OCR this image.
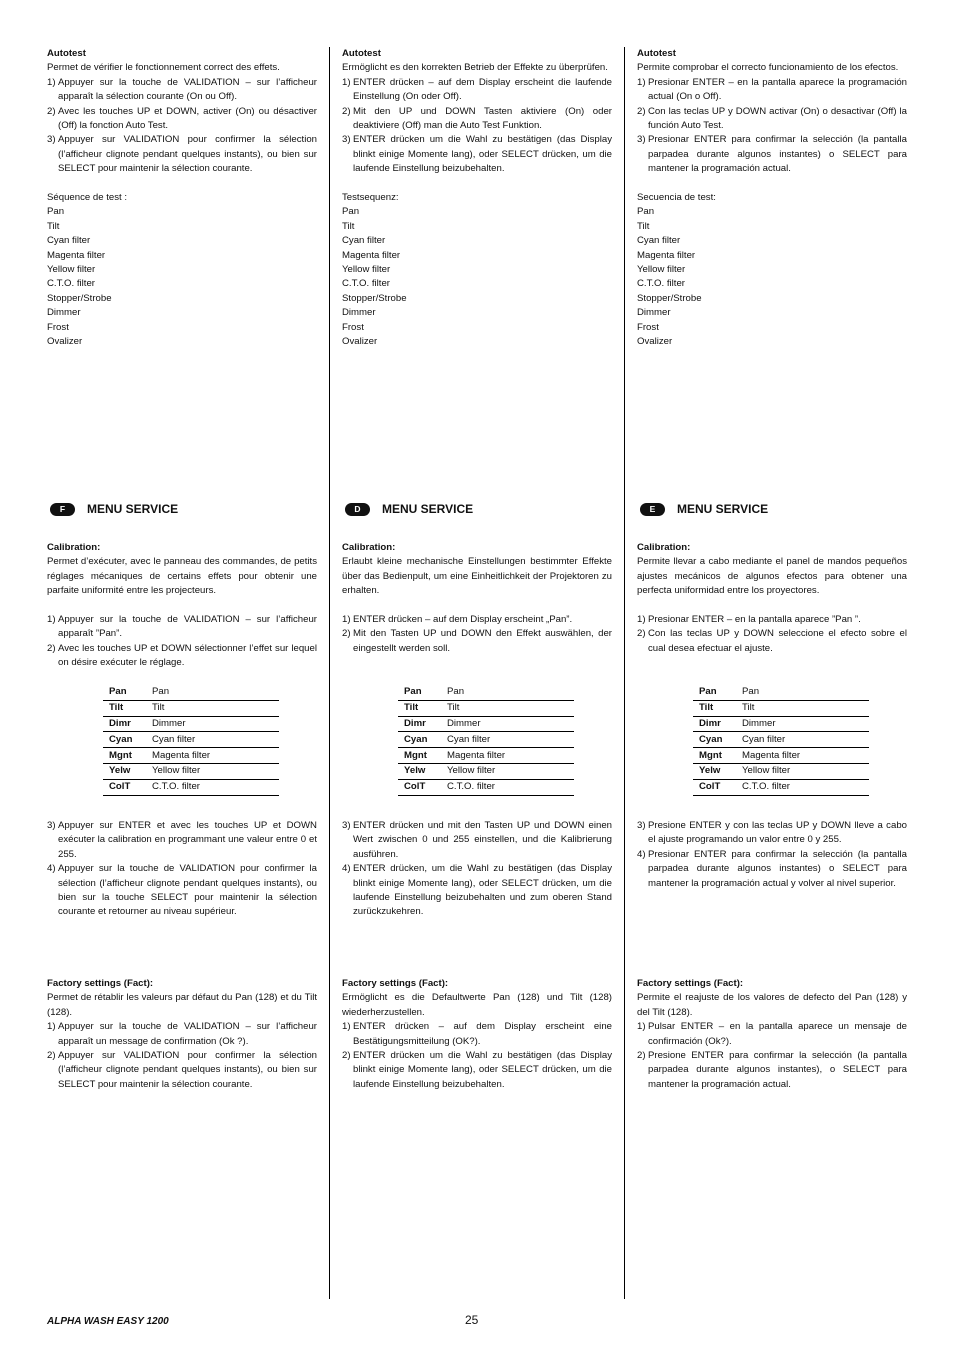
Autotest

Permet de vérifier le fonctionnement correct des effets.

1) Appuyer sur la touche de VALIDATION – sur l’afficheur apparaît la sélection courante (On ou Off).
2) Avec les touches UP et DOWN, activer (On) ou désactiver (Off) la fonction Auto Test.
3) Appuyer sur VALIDATION pour confirmer la sélection (l’afficheur clignote pendant quelques instants), ou bien sur SELECT pour maintenir la sélection courante.
Séquence de test :
Pan
Tilt
Cyan filter
Magenta filter
Yellow filter
C.T.O. filter
Stopper/Strobe
Dimmer
Frost
Ovalizer
F	MENU SERVICE
Calibration:

Permet d’exécuter, avec le panneau des commandes, de petits réglages mécaniques de certains effets pour obtenir une parfaite uniformité entre les projecteurs.

1) Appuyer sur la touche de VALIDATION – sur l’afficheur apparaît ”Pan”.
2) Avec les touches UP et DOWN sélectionner l’effet sur lequel on désire exécuter le réglage.
Pan	Pan
Tilt	Tilt
Dimr	Dimmer
Cyan	Cyan filter
Mgnt	Magenta filter
Yelw	Yellow filter
ColT	C.T.O. filter
3) Appuyer sur ENTER et avec les touches UP et DOWN exécuter la calibration en programmant une valeur entre 0 et 255.
4) Appuyer sur la touche de VALIDATION pour confirmer la sélection (l’afficheur clignote pendant quelques instants), ou bien sur la touche SELECT pour maintenir la sélection courante et retourner au niveau supérieur.
Factory settings (Fact):

Permet de rétablir les valeurs par défaut du Pan (128) et du Tilt (128).

1) Appuyer sur la touche de VALIDATION – sur l’afficheur apparaît un message de confirmation (Ok ?).
2) Appuyer sur VALIDATION pour confirmer la sélection (l’afficheur clignote pendant quelques instants), ou bien sur SELECT pour maintenir la sélection courante.
Autotest

Ermöglicht es den korrekten Betrieb der Effekte zu überprüfen.

1) ENTER drücken – auf dem Display erscheint die laufende Einstellung (On oder Off).
2) Mit den UP und DOWN Tasten aktiviere (On) oder deaktiviere (Off) man die Auto Test Funktion.
3) ENTER drücken um die Wahl zu bestätigen (das Display blinkt einige Momente lang), oder SELECT drücken, um die laufende Einstellung beizubehalten.
Testsequenz:
Pan
Tilt
Cyan filter
Magenta filter
Yellow filter
C.T.O. filter
Stopper/Strobe
Dimmer
Frost
Ovalizer
D	MENU SERVICE
Calibration:

Erlaubt kleine mechanische Einstellungen bestimmter Effekte über das Bedienpult, um eine Einheitlichkeit der Projektoren zu erhalten.

1) ENTER drücken – auf dem Display erscheint „Pan”.
2) Mit den Tasten UP und DOWN den Effekt auswählen, der eingestellt werden soll.
Pan	Pan
Tilt	Tilt
Dimr	Dimmer
Cyan	Cyan filter
Mgnt	Magenta filter
Yelw	Yellow filter
ColT	C.T.O. filter
3) ENTER drücken und mit den Tasten UP und DOWN einen Wert zwischen 0 und 255 einstellen, und die Kalibrierung ausführen.
4) ENTER drücken, um die Wahl zu bestätigen (das Display blinkt einige Momente lang), oder SELECT drücken, um die laufende Einstellung beizubehalten und zum oberen Stand zurückzukehren.
Factory settings (Fact):

Ermöglicht es die Defaultwerte Pan (128) und Tilt (128) wiederherzustellen.

1) ENTER drücken – auf dem Display erscheint eine Bestätigungsmitteilung (OK?).
2) ENTER drücken um die Wahl zu bestätigen (das Display blinkt einige Momente lang), oder SELECT drücken, um die laufende Einstellung beizubehalten.
Autotest

Permite comprobar el correcto funcionamiento de los efectos.

1) Presionar ENTER – en la pantalla aparece la programación actual (On o Off).
2) Con las teclas UP y DOWN activar (On) o desactivar (Off) la función Auto Test.
3) Presionar ENTER para confirmar la selección (la pantalla parpadea durante algunos instantes) o SELECT para mantener la programación actual.
Secuencia de test:
Pan
Tilt
Cyan filter
Magenta filter
Yellow filter
C.T.O. filter
Stopper/Strobe
Dimmer
Frost
Ovalizer
E	MENU SERVICE
Calibration:

Permite llevar a cabo mediante el panel de mandos pequeños ajustes mecánicos de algunos efectos para obtener una perfecta uniformidad entre los proyectores.

1) Presionar ENTER – en la pantalla aparece ”Pan ”.
2) Con las teclas UP y DOWN seleccione el efecto sobre el cual desea efectuar el ajuste.
Pan	Pan
Tilt	Tilt
Dimr	Dimmer
Cyan	Cyan filter
Mgnt	Magenta filter
Yelw	Yellow filter
ColT	C.T.O. filter
3) Presione ENTER y con las teclas UP y DOWN lleve a cabo el ajuste programando un valor entre 0 y 255.
4) Presionar ENTER para confirmar la selección (la pantalla parpadea durante algunos instantes) o SELECT para mantener la programación actual y volver al nivel superior.
Factory settings (Fact):

Permite el reajuste de los valores de defecto del Pan (128) y del Tilt (128).

1) Pulsar ENTER – en la pantalla aparece un mensaje de confirmación (Ok?).
2) Presione ENTER para confirmar la selección (la pantalla parpadea durante algunos instantes), o SELECT para mantener la programación actual.
ALPHA WASH EASY 1200	25
